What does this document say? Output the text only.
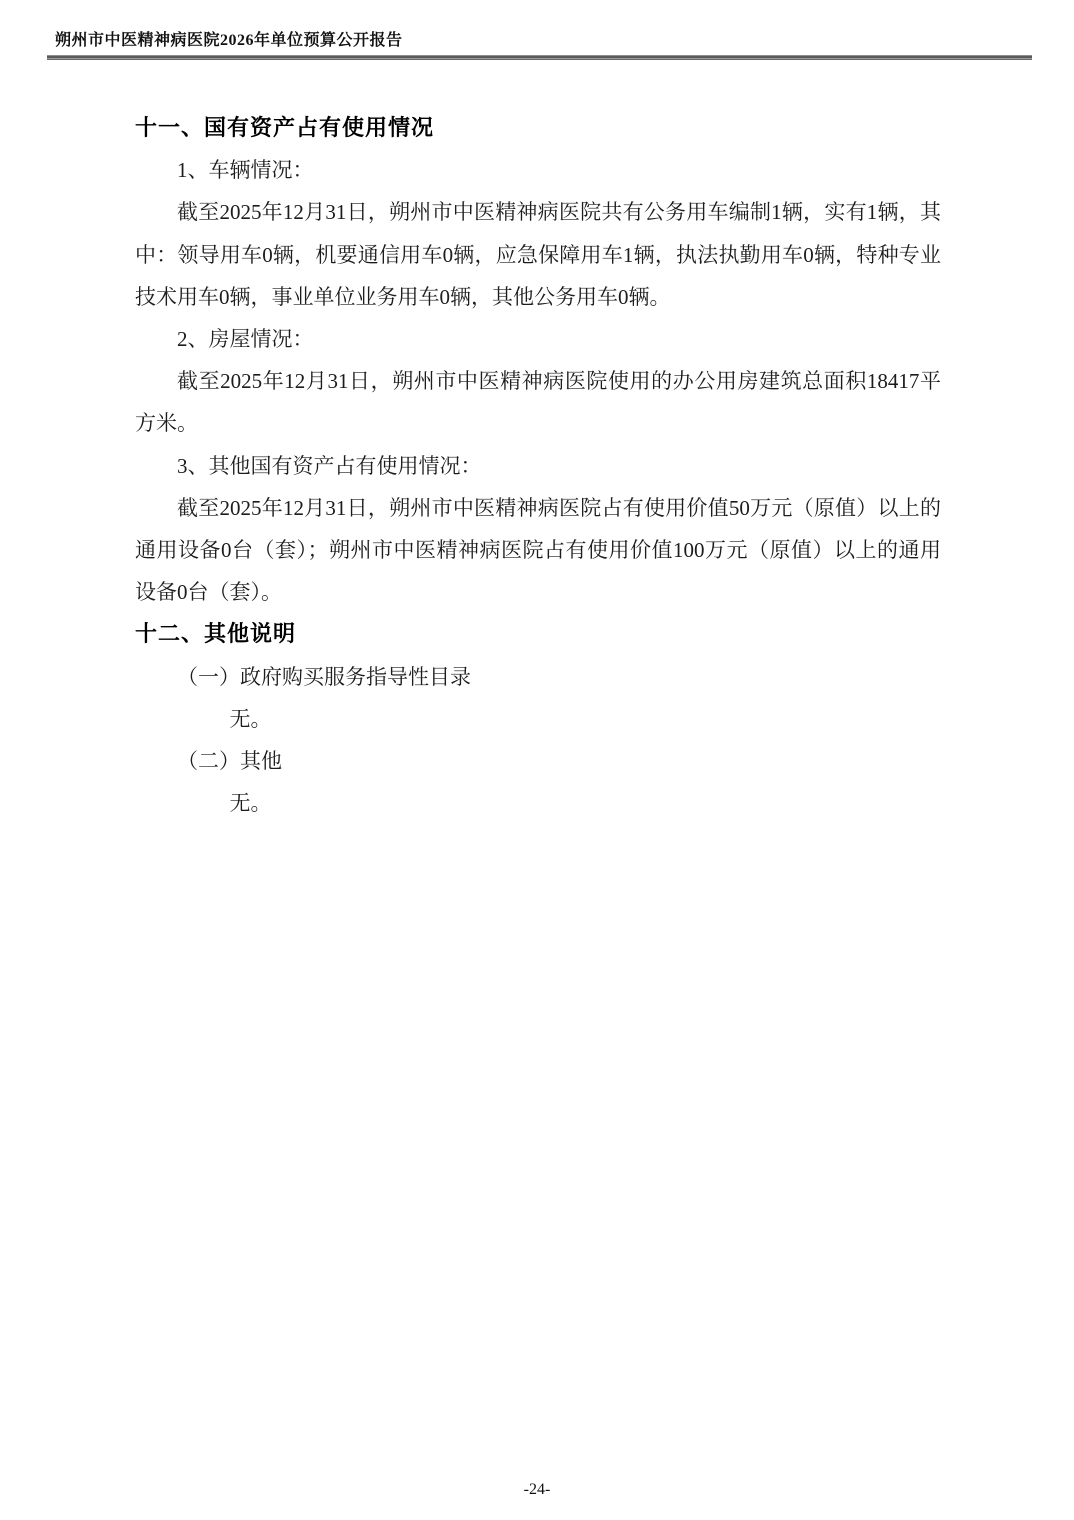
朔州市中医精神病医院2026年单位预算公开报告

十一、国有资产占有使用情况

1、车辆情况：

截至2025年12月31日，朔州市中医精神病医院共有公务用车编制1辆，实有1辆，其中：领导用车0辆，机要通信用车0辆，应急保障用车1辆，执法执勤用车0辆，特种专业技术用车0辆，事业单位业务用车0辆，其他公务用车0辆。

2、房屋情况：

截至2025年12月31日，朔州市中医精神病医院使用的办公用房建筑总面积18417平方米。

3、其他国有资产占有使用情况：

截至2025年12月31日，朔州市中医精神病医院占有使用价值50万元（原值）以上的通用设备0台（套）；朔州市中医精神病医院占有使用价值100万元（原值）以上的通用设备0台（套）。

十二、其他说明

（一）政府购买服务指导性目录

无。

（二）其他

无。

-24-
